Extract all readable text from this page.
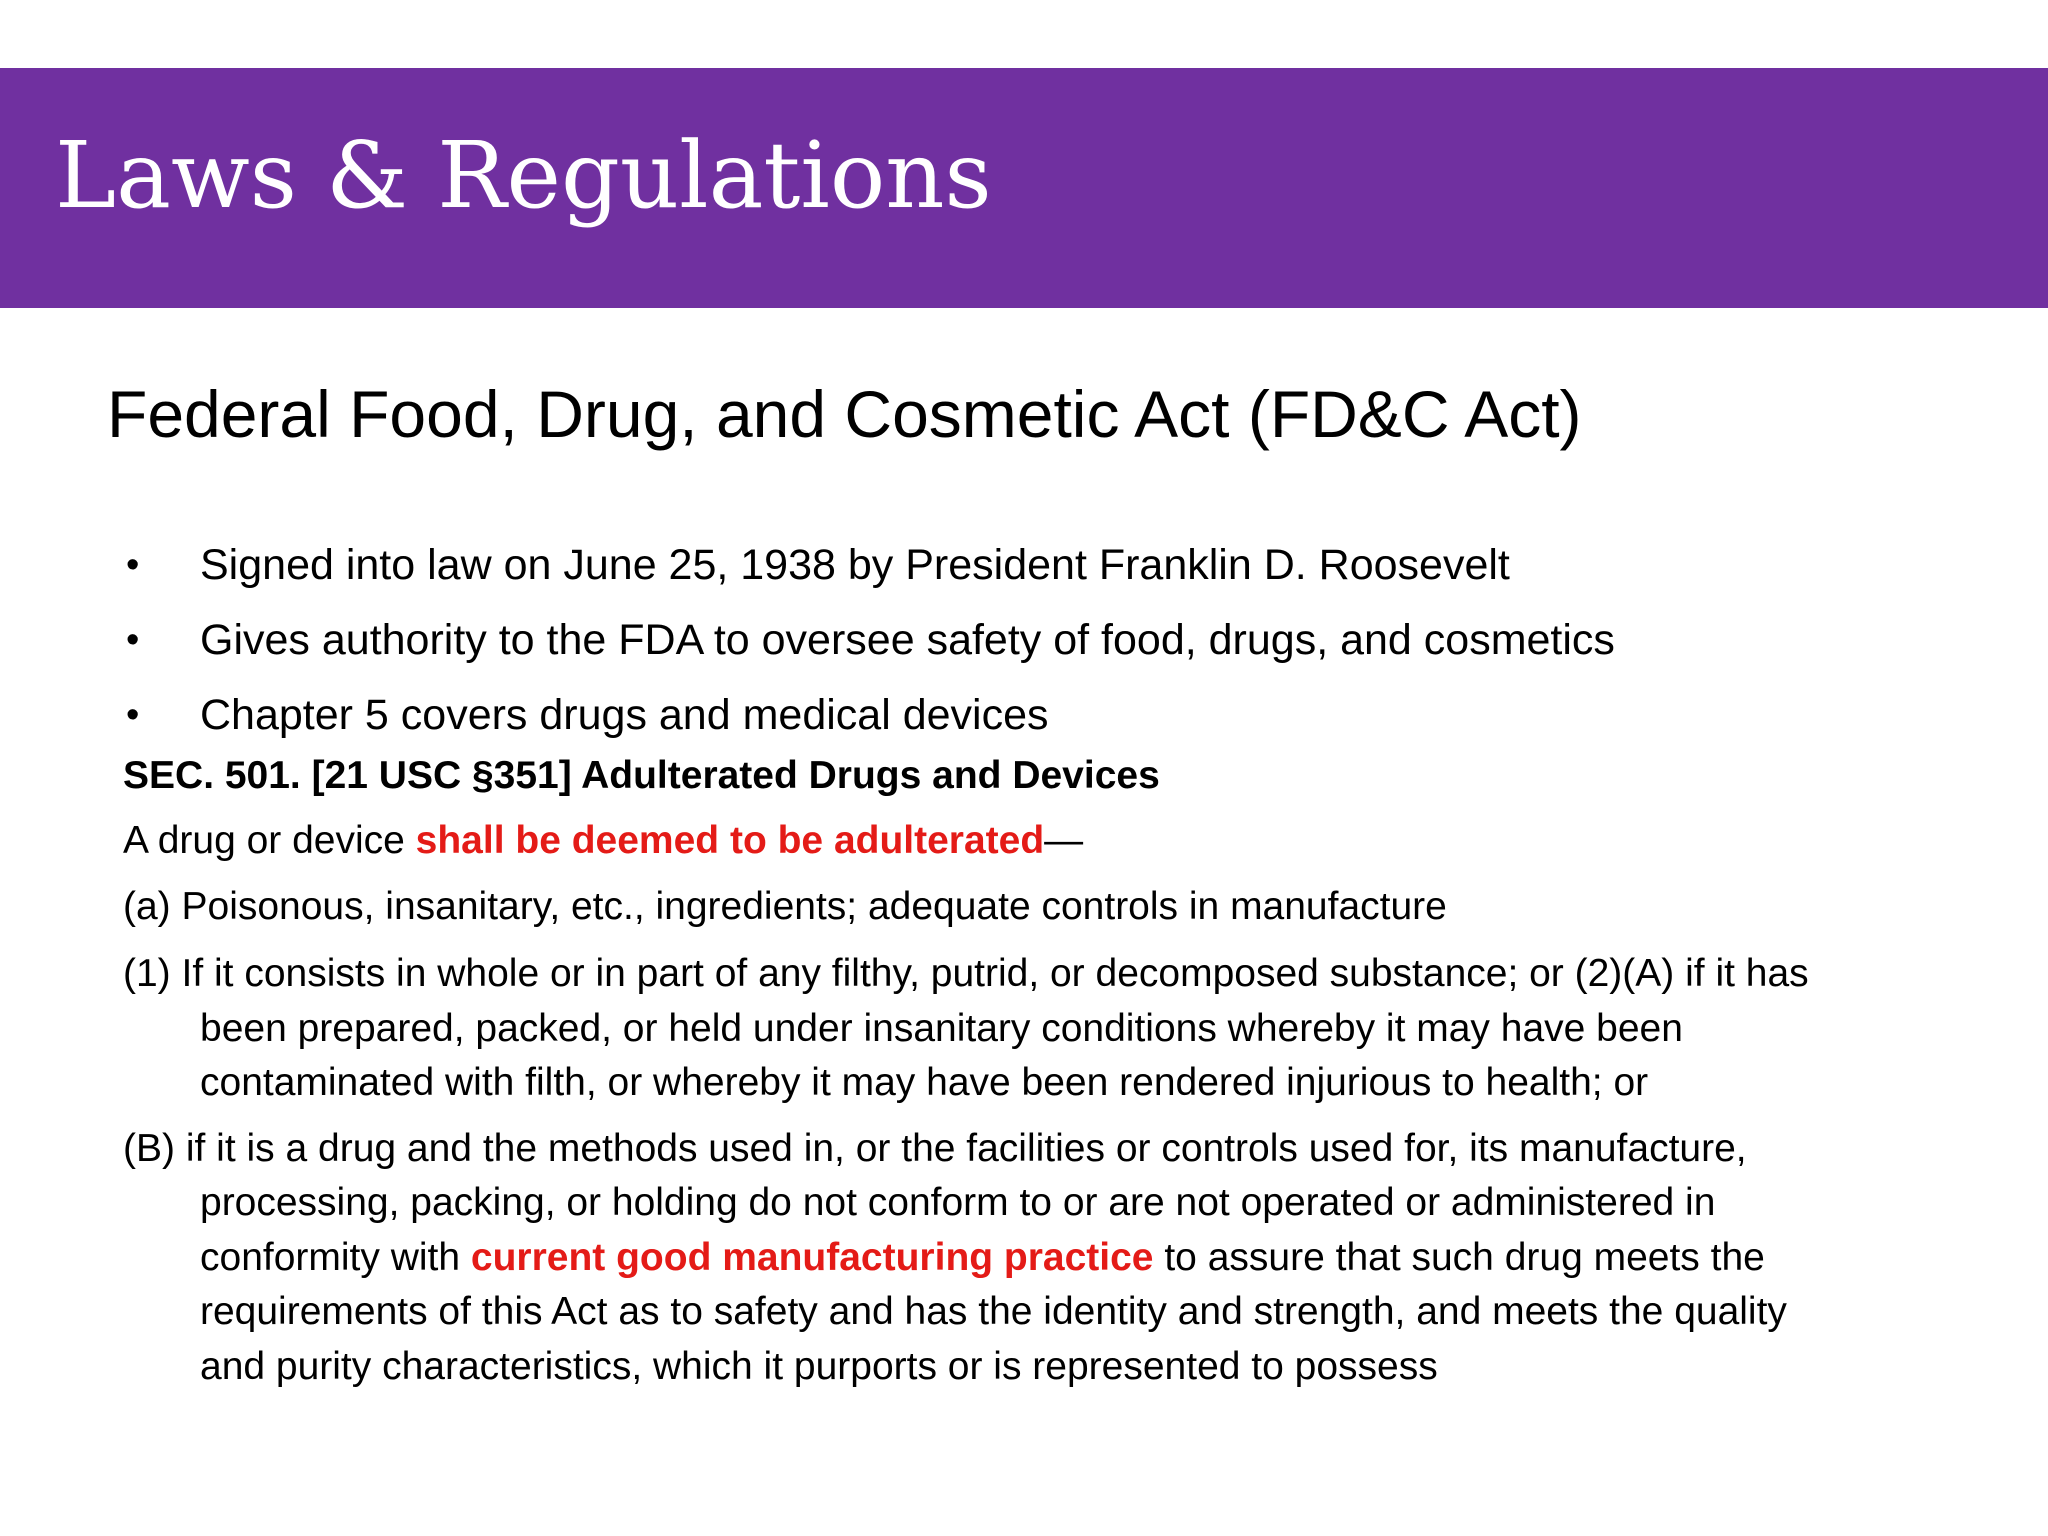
Laws & Regulations
Federal Food, Drug, and Cosmetic Act (FD&C Act)
• Signed into law on June 25, 1938 by President Franklin D. Roosevelt
• Gives authority to the FDA to oversee safety of food, drugs, and cosmetics
• Chapter 5 covers drugs and medical devices

SEC. 501. [21 USC §351] Adulterated Drugs and Devices

A drug or device shall be deemed to be adulterated—

(a) Poisonous, insanitary, etc., ingredients; adequate controls in manufacture

(1) If it consists in whole or in part of any filthy, putrid, or decomposed substance; or (2)(A) if it has been prepared, packed, or held under insanitary conditions whereby it may have been contaminated with filth, or whereby it may have been rendered injurious to health; or

(B) if it is a drug and the methods used in, or the facilities or controls used for, its manufacture, processing, packing, or holding do not conform to or are not operated or administered in conformity with current good manufacturing practice to assure that such drug meets the requirements of this Act as to safety and has the identity and strength, and meets the quality and purity characteristics, which it purports or is represented to possess
